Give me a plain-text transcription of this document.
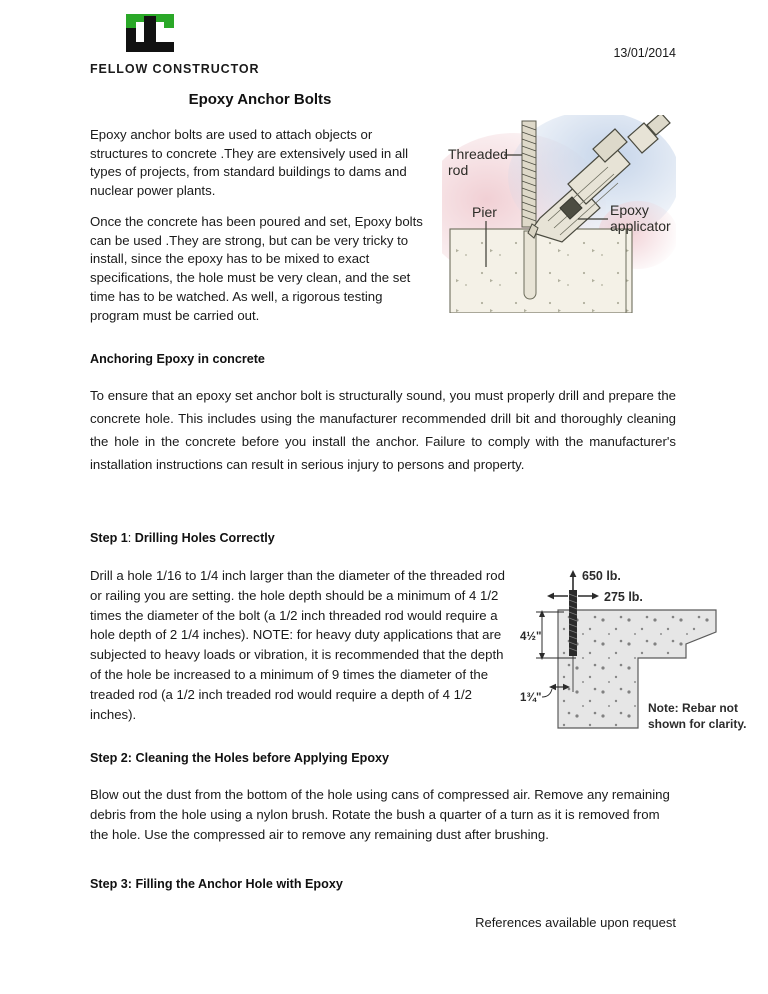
FELLOW CONSTRUCTOR
13/01/2014
Epoxy Anchor Bolts

Epoxy anchor bolts are used to attach objects or structures to concrete .They are extensively used in all types of projects, from standard buildings to dams and nuclear power plants.

Once the concrete has been poured and set, Epoxy bolts can be used .They are strong, but can be very tricky to install, since the epoxy has to be mixed to exact specifications, the hole must be very clean, and the set time has to be watched. As well, a rigorous testing program must be carried out.

Threaded
rod
Pier	Epoxy
applicator

Anchoring Epoxy in concrete

To ensure that an epoxy set anchor bolt is structurally sound, you must properly drill and prepare the concrete hole. This includes using the manufacturer recommended drill bit and thoroughly cleaning the hole in the concrete before you install the anchor. Failure to comply with the manufacturer's installation instructions can result in serious injury to persons and property.

Step 1: Drilling Holes Correctly

Drill a hole 1/16 to 1/4 inch larger than the diameter of the threaded rod or railing you are setting. the hole depth should be a minimum of 4 1/2 times the diameter of the bolt (a 1/2 inch threaded rod would require a hole depth of 2 1/4 inches). NOTE: for heavy duty applications that are subjected to heavy loads or vibration, it is recommended that the depth of the hole be increased to a minimum of 9 times the diameter of the treaded rod (a 1/2 inch treaded rod would require a depth of 4 1/2 inches).

650 lb.
275 lb.
4½"
1¾"
Note: Rebar not
shown for clarity.

Step 2: Cleaning the Holes before Applying Epoxy

Blow out the dust from the bottom of the hole using cans of compressed air. Remove any remaining debris from the hole using a nylon brush. Rotate the bush a quarter of a turn as it is removed from the hole. Use the compressed air to remove any remaining dust after brushing.

Step 3: Filling the Anchor Hole with Epoxy

References available upon request
